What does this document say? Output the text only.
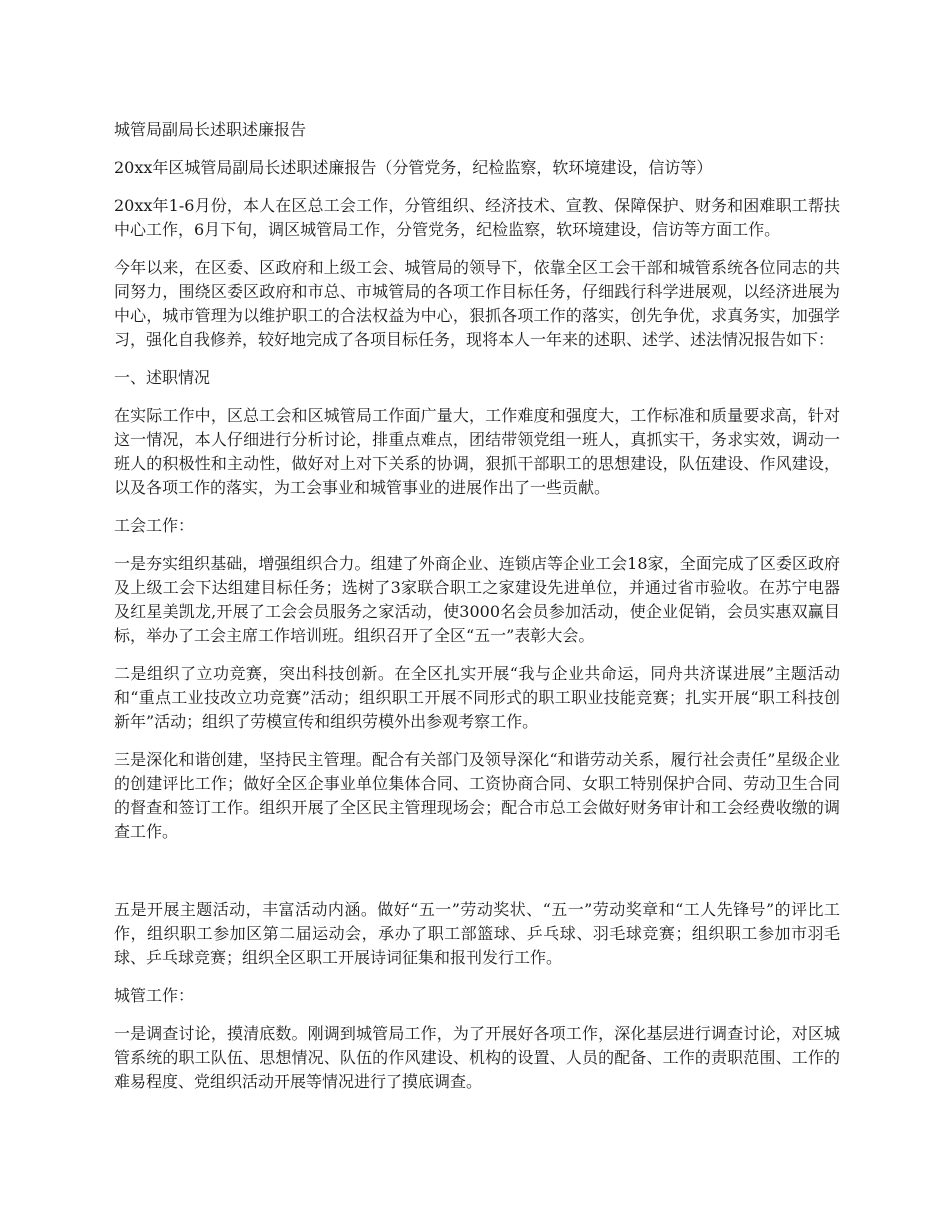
城管局副局长述职述廉报告

20xx年区城管局副局长述职述廉报告（分管党务，纪检监察，软环境建设，信访等）

20xx年1-6月份，本人在区总工会工作，分管组织、经济技术、宣教、保障保护、财务和困难职工帮扶中心工作，6月下旬，调区城管局工作，分管党务，纪检监察，软环境建设，信访等方面工作。

今年以来，在区委、区政府和上级工会、城管局的领导下，依靠全区工会干部和城管系统各位同志的共同努力，围绕区委区政府和市总、市城管局的各项工作目标任务，仔细践行科学进展观，以经济进展为中心，城市管理为以维护职工的合法权益为中心，狠抓各项工作的落实，创先争优，求真务实，加强学习，强化自我修养，较好地完成了各项目标任务，现将本人一年来的述职、述学、述法情况报告如下：

一、述职情况

在实际工作中，区总工会和区城管局工作面广量大，工作难度和强度大，工作标准和质量要求高，针对这一情况，本人仔细进行分析讨论，排重点难点，团结带领党组一班人，真抓实干，务求实效，调动一班人的积极性和主动性，做好对上对下关系的协调，狠抓干部职工的思想建设，队伍建设、作风建设，以及各项工作的落实，为工会事业和城管事业的进展作出了一些贡献。

工会工作：

一是夯实组织基础，增强组织合力。组建了外商企业、连锁店等企业工会18家，全面完成了区委区政府及上级工会下达组建目标任务；选树了3家联合职工之家建设先进单位，并通过省市验收。在苏宁电器及红星美凯龙,开展了工会会员服务之家活动，使3000名会员参加活动，使企业促销，会员实惠双赢目标，举办了工会主席工作培训班。组织召开了全区“五一”表彰大会。

二是组织了立功竞赛，突出科技创新。在全区扎实开展“我与企业共命运，同舟共济谋进展”主题活动和“重点工业技改立功竞赛”活动；组织职工开展不同形式的职工职业技能竞赛；扎实开展“职工科技创新年”活动；组织了劳模宣传和组织劳模外出参观考察工作。

三是深化和谐创建，坚持民主管理。配合有关部门及领导深化“和谐劳动关系，履行社会责任”星级企业的创建评比工作；做好全区企事业单位集体合同、工资协商合同、女职工特别保护合同、劳动卫生合同的督查和签订工作。组织开展了全区民主管理现场会；配合市总工会做好财务审计和工会经费收缴的调查工作。

五是开展主题活动，丰富活动内涵。做好“五一”劳动奖状、“五一”劳动奖章和“工人先锋号”的评比工作，组织职工参加区第二届运动会，承办了职工部篮球、乒乓球、羽毛球竞赛；组织职工参加市羽毛球、乒乓球竞赛；组织全区职工开展诗词征集和报刊发行工作。

城管工作：

一是调查讨论，摸清底数。刚调到城管局工作，为了开展好各项工作，深化基层进行调查讨论，对区城管系统的职工队伍、思想情况、队伍的作风建设、机构的设置、人员的配备、工作的责职范围、工作的难易程度、党组织活动开展等情况进行了摸底调查。
